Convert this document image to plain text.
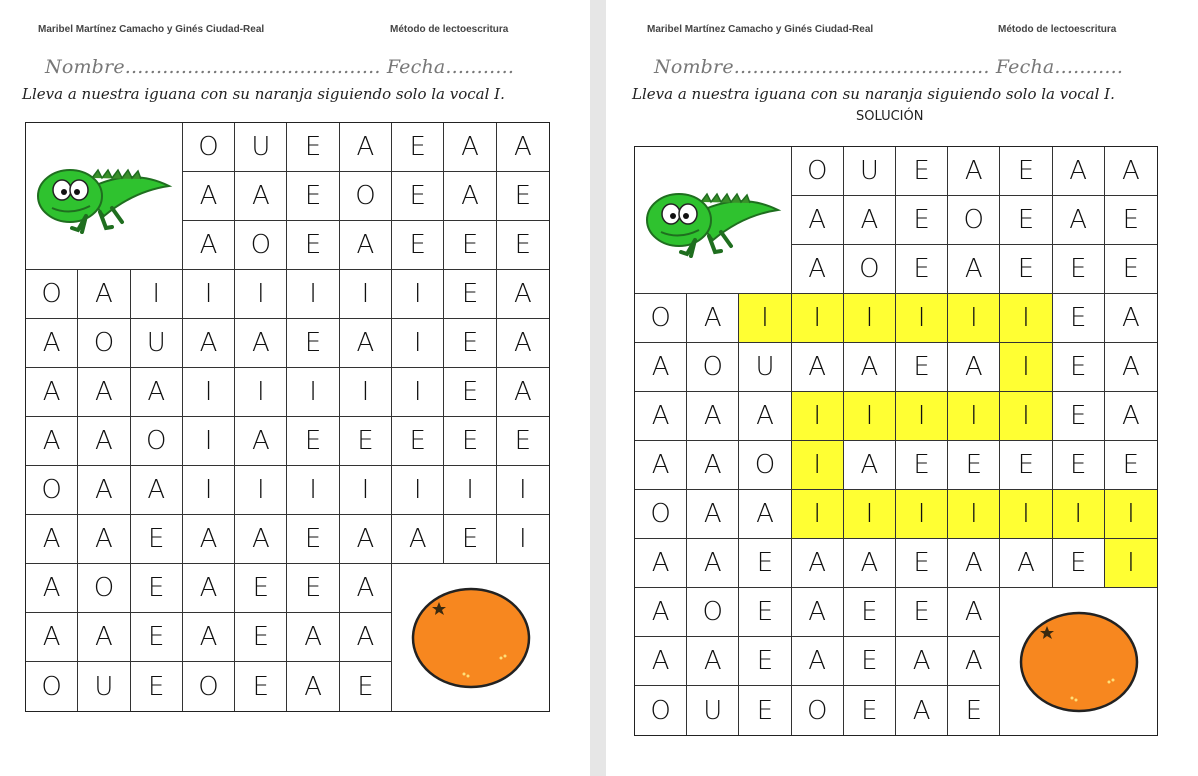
Maribel Martínez Camacho y Ginés Ciudad-Real	Método de lectoescritura
Nombre......................................... Fecha...........
Lleva a nuestra iguana con su naranja siguiendo solo la vocal I.
O	U	E	A	E	A	A
A	A	E	O	E	A	E
A	O	E	A	E	E	E
O	A	I	I	I	I	I	I	E	A
A	O	U	A	A	E	A	I	E	A
A	A	A	I	I	I	I	I	E	A
A	A	O	I	A	E	E	E	E	E
O	A	A	I	I	I	I	I	I	I
A	A	E	A	A	E	A	A	E	I
A	O	E	A	E	E	A
A	A	E	A	E	A	A
O	U	E	O	E	A	E
Maribel Martínez Camacho y Ginés Ciudad-Real	Método de lectoescritura
Nombre......................................... Fecha...........
Lleva a nuestra iguana con su naranja siguiendo solo la vocal I.
SOLUCIÓN
O	U	E	A	E	A	A
A	A	E	O	E	A	E
A	O	E	A	E	E	E
O	A	I	I	I	I	I	I	E	A
A	O	U	A	A	E	A	I	E	A
A	A	A	I	I	I	I	I	E	A
A	A	O	I	A	E	E	E	E	E
O	A	A	I	I	I	I	I	I	I
A	A	E	A	A	E	A	A	E	I
A	O	E	A	E	E	A
A	A	E	A	E	A	A
O	U	E	O	E	A	E
